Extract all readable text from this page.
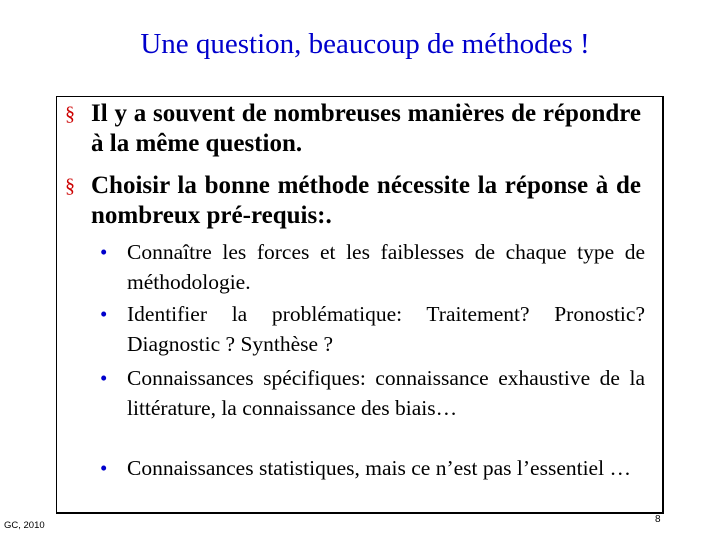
Une question, beaucoup de méthodes !
§ Il y a souvent de nombreuses manières de répondre à la même question.
§ Choisir la bonne méthode nécessite la réponse à de nombreux pré-requis:.
• Connaître les forces et les faiblesses de chaque type de méthodologie.
• Identifier la problématique: Traitement? Pronostic? Diagnostic ? Synthèse ?
• Connaissances spécifiques: connaissance exhaustive de la littérature, la connaissance des biais…
• Connaissances statistiques, mais ce n’est pas l’essentiel …
GC, 2010
8
